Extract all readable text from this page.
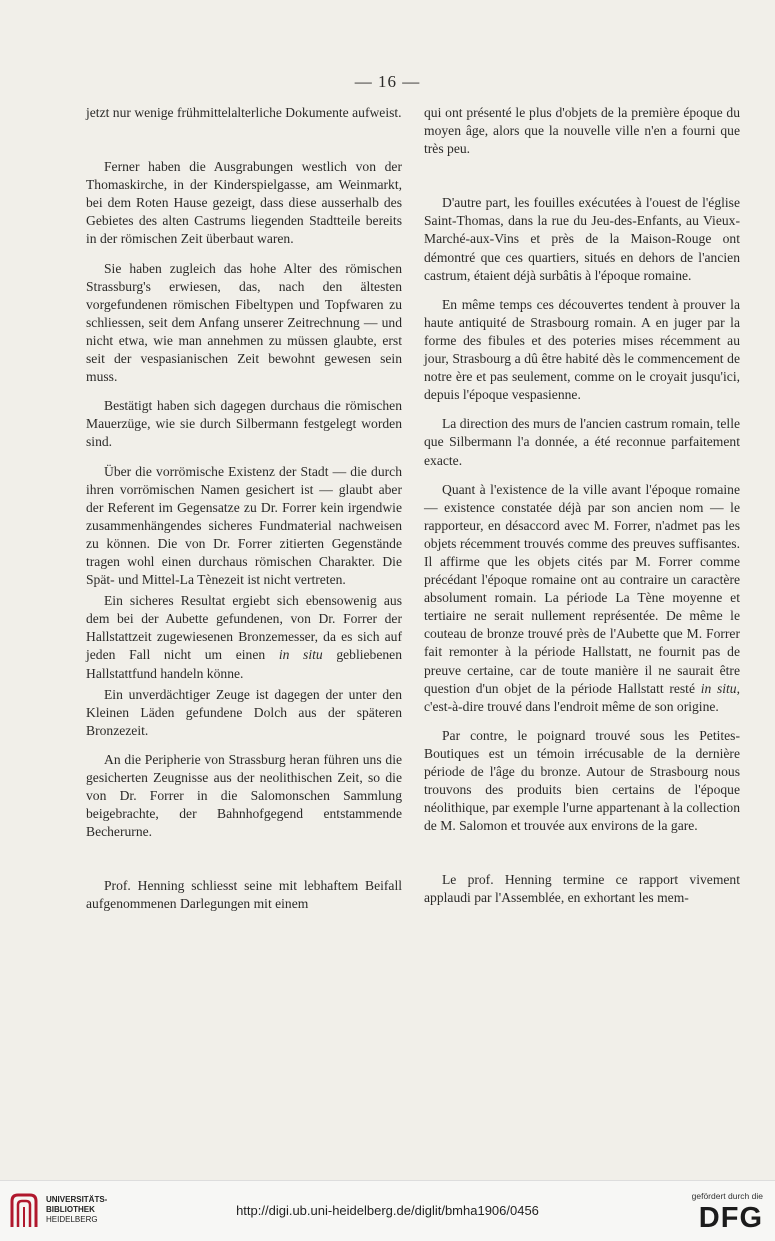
— 16 —

jetzt nur wenige frühmittelalterliche Dokumente aufweist.

Ferner haben die Ausgrabungen westlich von der Thomaskirche, in der Kinderspielgasse, am Weinmarkt, bei dem Roten Hause gezeigt, dass diese ausserhalb des Gebietes des alten Castrums liegenden Stadtteile bereits in der römischen Zeit überbaut waren.

Sie haben zugleich das hohe Alter des römischen Strassburg's erwiesen, das, nach den ältesten vorgefundenen römischen Fibeltypen und Topfwaren zu schliessen, seit dem Anfang unserer Zeitrechnung — und nicht etwa, wie man annehmen zu müssen glaubte, erst seit der vespasianischen Zeit bewohnt gewesen sein muss.

Bestätigt haben sich dagegen durchaus die römischen Mauerzüge, wie sie durch Silbermann festgelegt worden sind.

Über die vorrömische Existenz der Stadt — die durch ihren vorrömischen Namen gesichert ist — glaubt aber der Referent im Gegensatze zu Dr. Forrer kein irgendwie zusammenhängendes sicheres Fundmaterial nachweisen zu können. Die von Dr. Forrer zitierten Gegenstände tragen wohl einen durchaus römischen Charakter. Die Spät- und Mittel-La Tènezeit ist nicht vertreten.

Ein sicheres Resultat ergiebt sich ebensowenig aus dem bei der Aubette gefundenen, von Dr. Forrer der Hallstattzeit zugewiesenen Bronzemesser, da es sich auf jeden Fall nicht um einen in situ gebliebenen Hallstattfund handeln könne.

Ein unverdächtiger Zeuge ist dagegen der unter den Kleinen Läden gefundene Dolch aus der späteren Bronzezeit.

An die Peripherie von Strassburg heran führen uns die gesicherten Zeugnisse aus der neolithischen Zeit, so die von Dr. Forrer in die Salomonschen Sammlung beigebrachte, der Bahnhofgegend entstammende Becherurne.

Prof. Henning schliesst seine mit lebhaftem Beifall aufgenommenen Darlegungen mit einem

qui ont présenté le plus d'objets de la première époque du moyen âge, alors que la nouvelle ville n'en a fourni que très peu.

D'autre part, les fouilles exécutées à l'ouest de l'église Saint-Thomas, dans la rue du Jeu-des-Enfants, au Vieux-Marché-aux-Vins et près de la Maison-Rouge ont démontré que ces quartiers, situés en dehors de l'ancien castrum, étaient déjà surbâtis à l'époque romaine.

En même temps ces découvertes tendent à prouver la haute antiquité de Strasbourg romain. A en juger par la forme des fibules et des poteries mises récemment au jour, Strasbourg a dû être habité dès le commencement de notre ère et pas seulement, comme on le croyait jusqu'ici, depuis l'époque vespasienne.

La direction des murs de l'ancien castrum romain, telle que Silbermann l'a donnée, a été reconnue parfaitement exacte.

Quant à l'existence de la ville avant l'époque romaine — existence constatée déjà par son ancien nom — le rapporteur, en désaccord avec M. Forrer, n'admet pas les objets récemment trouvés comme des preuves suffisantes. Il affirme que les objets cités par M. Forrer comme précédant l'époque romaine ont au contraire un caractère absolument romain. La période La Tène moyenne et tertiaire ne serait nullement représentée. De même le couteau de bronze trouvé près de l'Aubette que M. Forrer fait remonter à la période Hallstatt, ne fournit pas de preuve certaine, car de toute manière il ne saurait être question d'un objet de la période Hallstatt resté in situ, c'est-à-dire trouvé dans l'endroit même de son origine.

Par contre, le poignard trouvé sous les Petites-Boutiques est un témoin irrécusable de la dernière période de l'âge du bronze. Autour de Strasbourg nous trouvons des produits bien certains de l'époque néolithique, par exemple l'urne appartenant à la collection de M. Salomon et trouvée aux environs de la gare.

Le prof. Henning termine ce rapport vivement applaudi par l'Assemblée, en exhortant les mem-

UNIVERSITÄTS-
BIBLIOTHEK
HEIDELBERG
http://digi.ub.uni-heidelberg.de/diglit/bmha1906/0456
gefördert durch die
DFG
